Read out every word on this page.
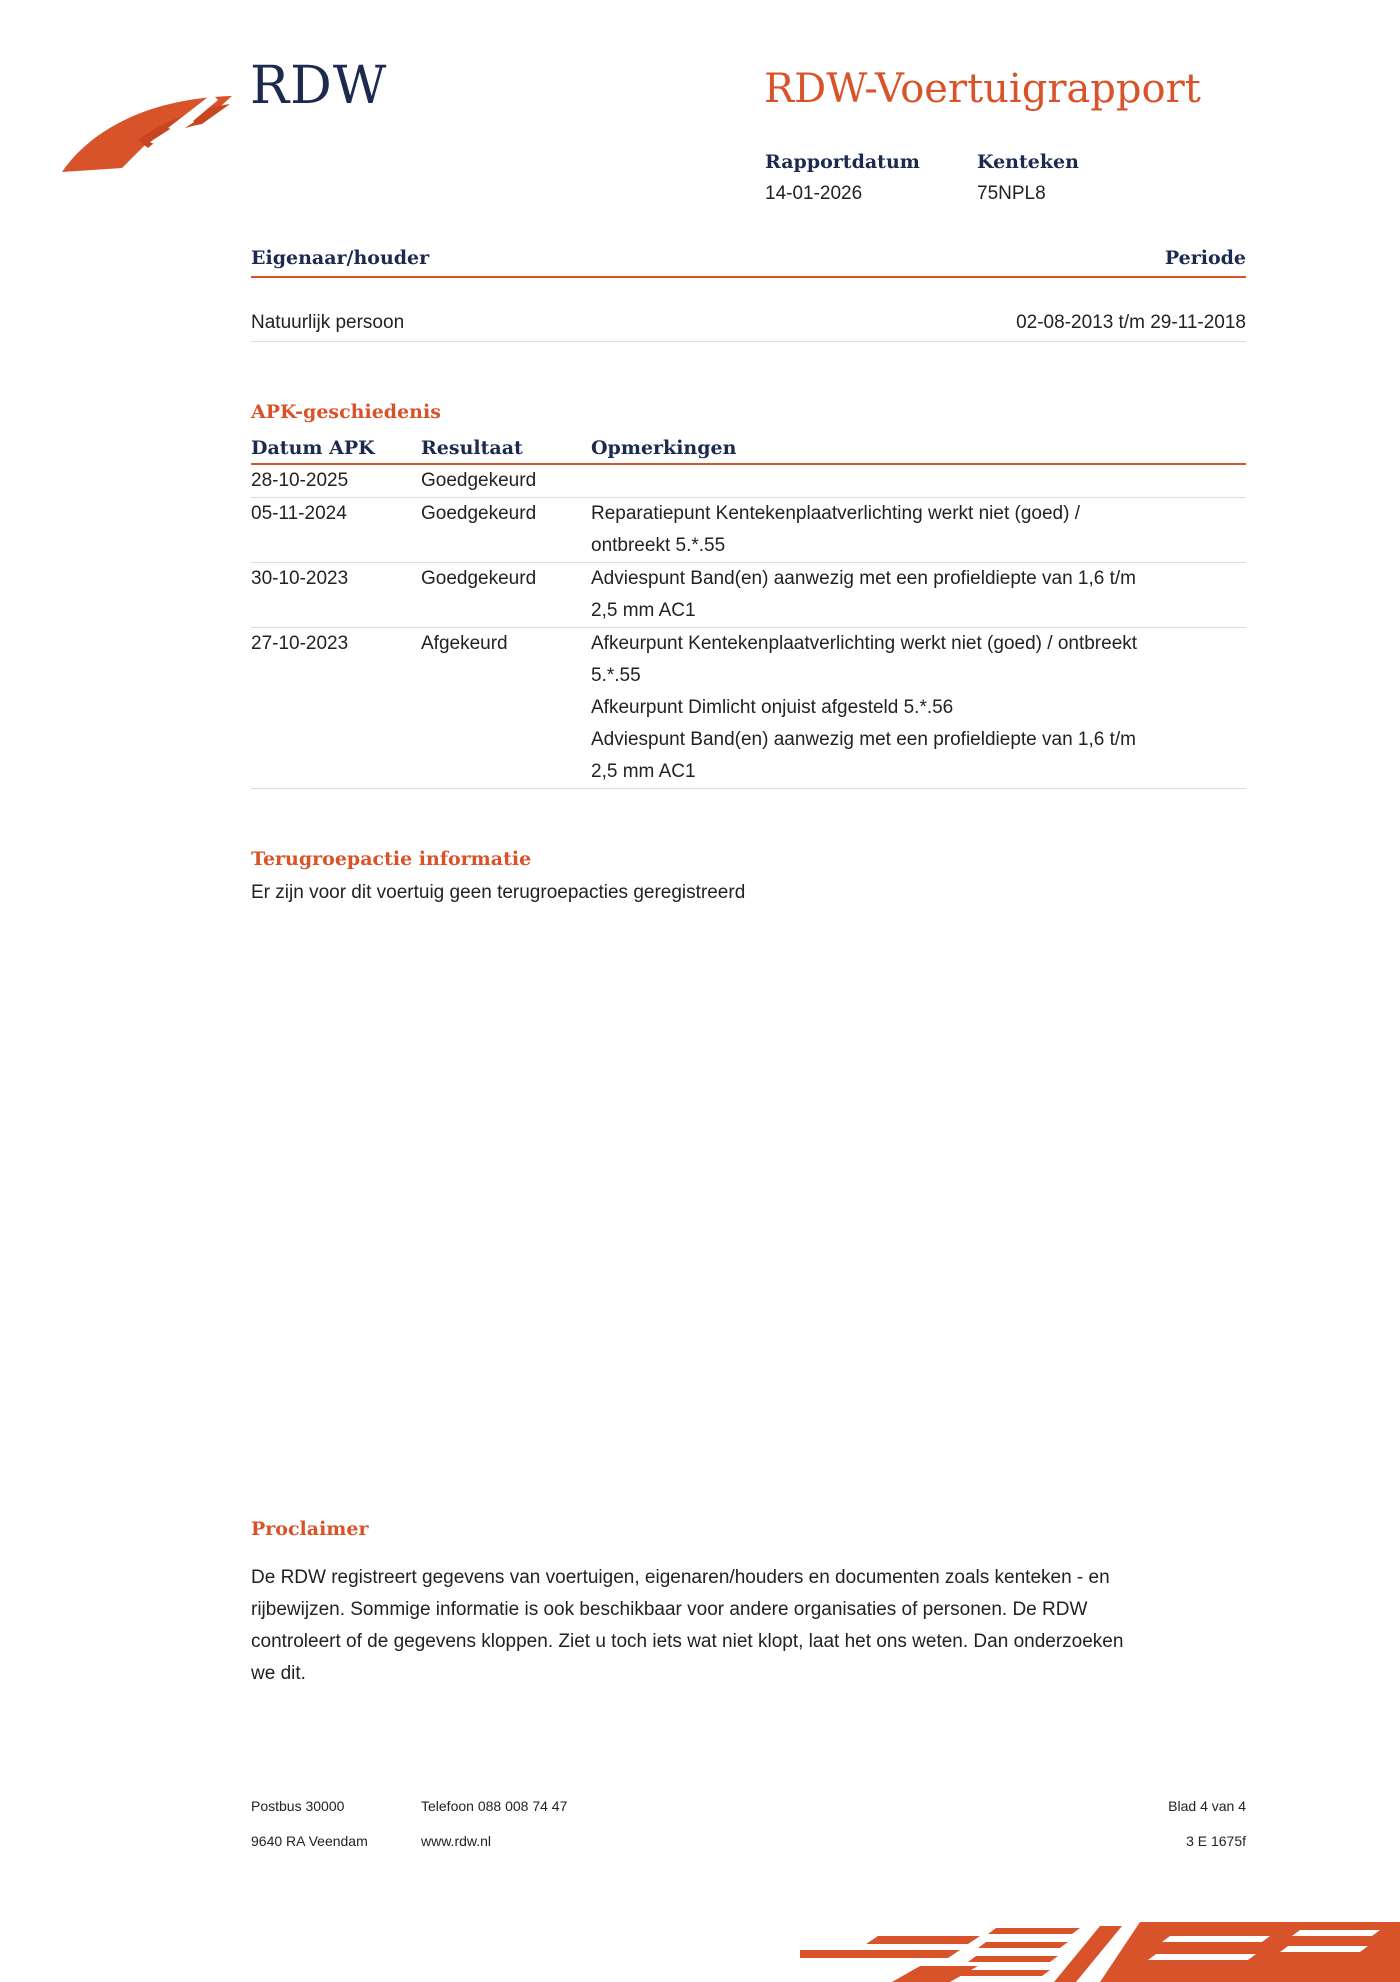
RDW	RDW-Voertuigrapport
Rapportdatum
14-01-2026
Kenteken
75NPL8
Eigenaar/houder	Periode
Natuurlijk persoon	02-08-2013 t/m 29-11-2018
APK-geschiedenis
Datum APK	Resultaat	Opmerkingen
28-10-2025	Goedgekeurd	

05-11-2024	Goedgekeurd	Reparatiepunt Kentekenplaatverlichting werkt niet (goed) /
ontbreekt 5.*.55

30-10-2023	Goedgekeurd	Adviespunt Band(en) aanwezig met een profieldiepte van 1,6 t/m
2,5 mm AC1

27-10-2023	Afgekeurd	Afkeurpunt Kentekenplaatverlichting werkt niet (goed) / ontbreekt
5.*.55
Afkeurpunt Dimlicht onjuist afgesteld 5.*.56
Adviespunt Band(en) aanwezig met een profieldiepte van 1,6 t/m
2,5 mm AC1
Terugroepactie informatie
Er zijn voor dit voertuig geen terugroepacties geregistreerd
Proclaimer
De RDW registreert gegevens van voertuigen, eigenaren/houders en documenten zoals kenteken - en
rijbewijzen. Sommige informatie is ook beschikbaar voor andere organisaties of personen. De RDW
controleert of de gegevens kloppen. Ziet u toch iets wat niet klopt, laat het ons weten. Dan onderzoeken
we dit.
Postbus 30000
9640 RA Veendam
Telefoon 088 008 74 47
www.rdw.nl
Blad 4 van 4
3 E 1675f
